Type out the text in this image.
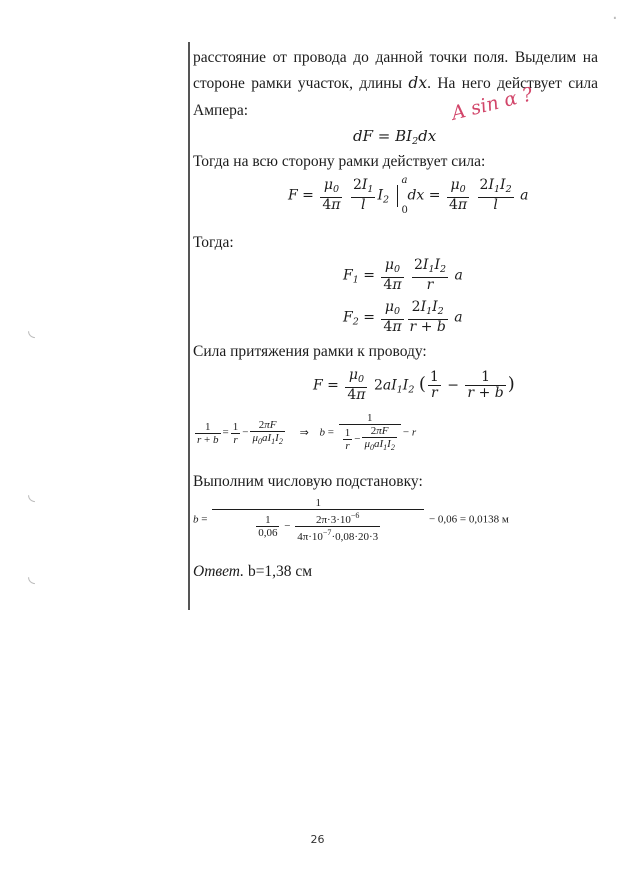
·
◟
◟
◟
расстояние от провода до данной точки поля. Выделим на
стороне рамки участок, длины dx. На него действует сила
Ампера:	A sin α ?
dF = $BI_2dx$
Тогда на всю сторону рамки действует сила:
$F = \frac{\mu_0}{4\pi}$
$\frac{2I_1}{l} I_2$
a
0
dx = $\frac{\mu_0}{4\pi}$
$\frac{2I_1I_2}{l}$ a
Тогда:
$F_1 = \frac{\mu_0}{4\pi}$
$\frac{2I_1I_2}{r}$ a
$F_2 = \frac{\mu_0}{4\pi} \frac{2I_1I_2}{r + b}$ a
Сила притяжения рамки к проводу:
$F = \frac{\mu_0}{4\pi} 2aI_1I_2$ ( $\frac{1}{r} - \frac{1}{r + b}$ )
$\frac{1}{r + b} = \frac{1}{r} - \frac{2\pi F}{\mu_0aI_1I_2}$ ⇒ $b = \frac{1}{\frac{1}{r} - \frac{2\pi F}{\mu_0aI_1I_2}} - r$
Выполним числовую подстановку:
$b = \frac{1}{\frac{1}{0,06} - \frac{2\pi\cdot 3\cdot 10^{-6}}{4\pi\cdot 10^{-7}\cdot 0,08\cdot 20\cdot 3}} - 0,06 = 0,0138$ м
Ответ. b=1,38 см
26
